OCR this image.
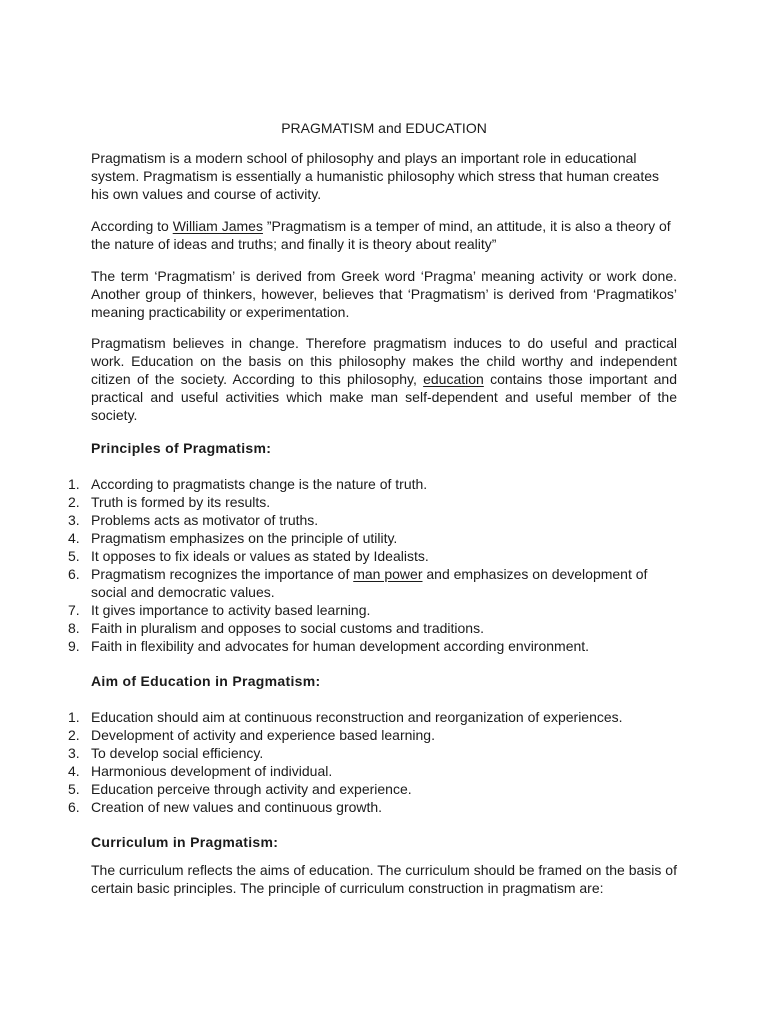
PRAGMATISM and EDUCATION

Pragmatism is a modern school of philosophy and plays an important role in educational system. Pragmatism is essentially a humanistic philosophy which stress that human creates his own values and course of activity.

According to William James ”Pragmatism is a temper of mind, an attitude, it is also a theory of the nature of ideas and truths; and finally it is theory about reality”

The term ‘Pragmatism’ is derived from Greek word ‘Pragma’ meaning activity or work done. Another group of thinkers, however, believes that ‘Pragmatism’ is derived from ‘Pragmatikos’ meaning practicability or experimentation.

Pragmatism believes in change. Therefore pragmatism induces to do useful and practical work. Education on the basis on this philosophy makes the child worthy and independent citizen of the society. According to this philosophy, education contains those important and practical and useful activities which make man self-dependent and useful member of the society.

Principles of Pragmatism:
1. According to pragmatists change is the nature of truth.
2. Truth is formed by its results.
3. Problems acts as motivator of truths.
4. Pragmatism emphasizes on the principle of utility.
5. It opposes to fix ideals or values as stated by Idealists.
6. Pragmatism recognizes the importance of man power and emphasizes on development of social and democratic values.
7. It gives importance to activity based learning.
8. Faith in pluralism and opposes to social customs and traditions.
9. Faith in flexibility and advocates for human development according environment.
Aim of Education in Pragmatism:
1. Education should aim at continuous reconstruction and reorganization of experiences.
2. Development of activity and experience based learning.
3. To develop social efficiency.
4. Harmonious development of individual.
5. Education perceive through activity and experience.
6. Creation of new values and continuous growth.
Curriculum in Pragmatism:

The curriculum reflects the aims of education. The curriculum should be framed on the basis of certain basic principles. The principle of curriculum construction in pragmatism are:
